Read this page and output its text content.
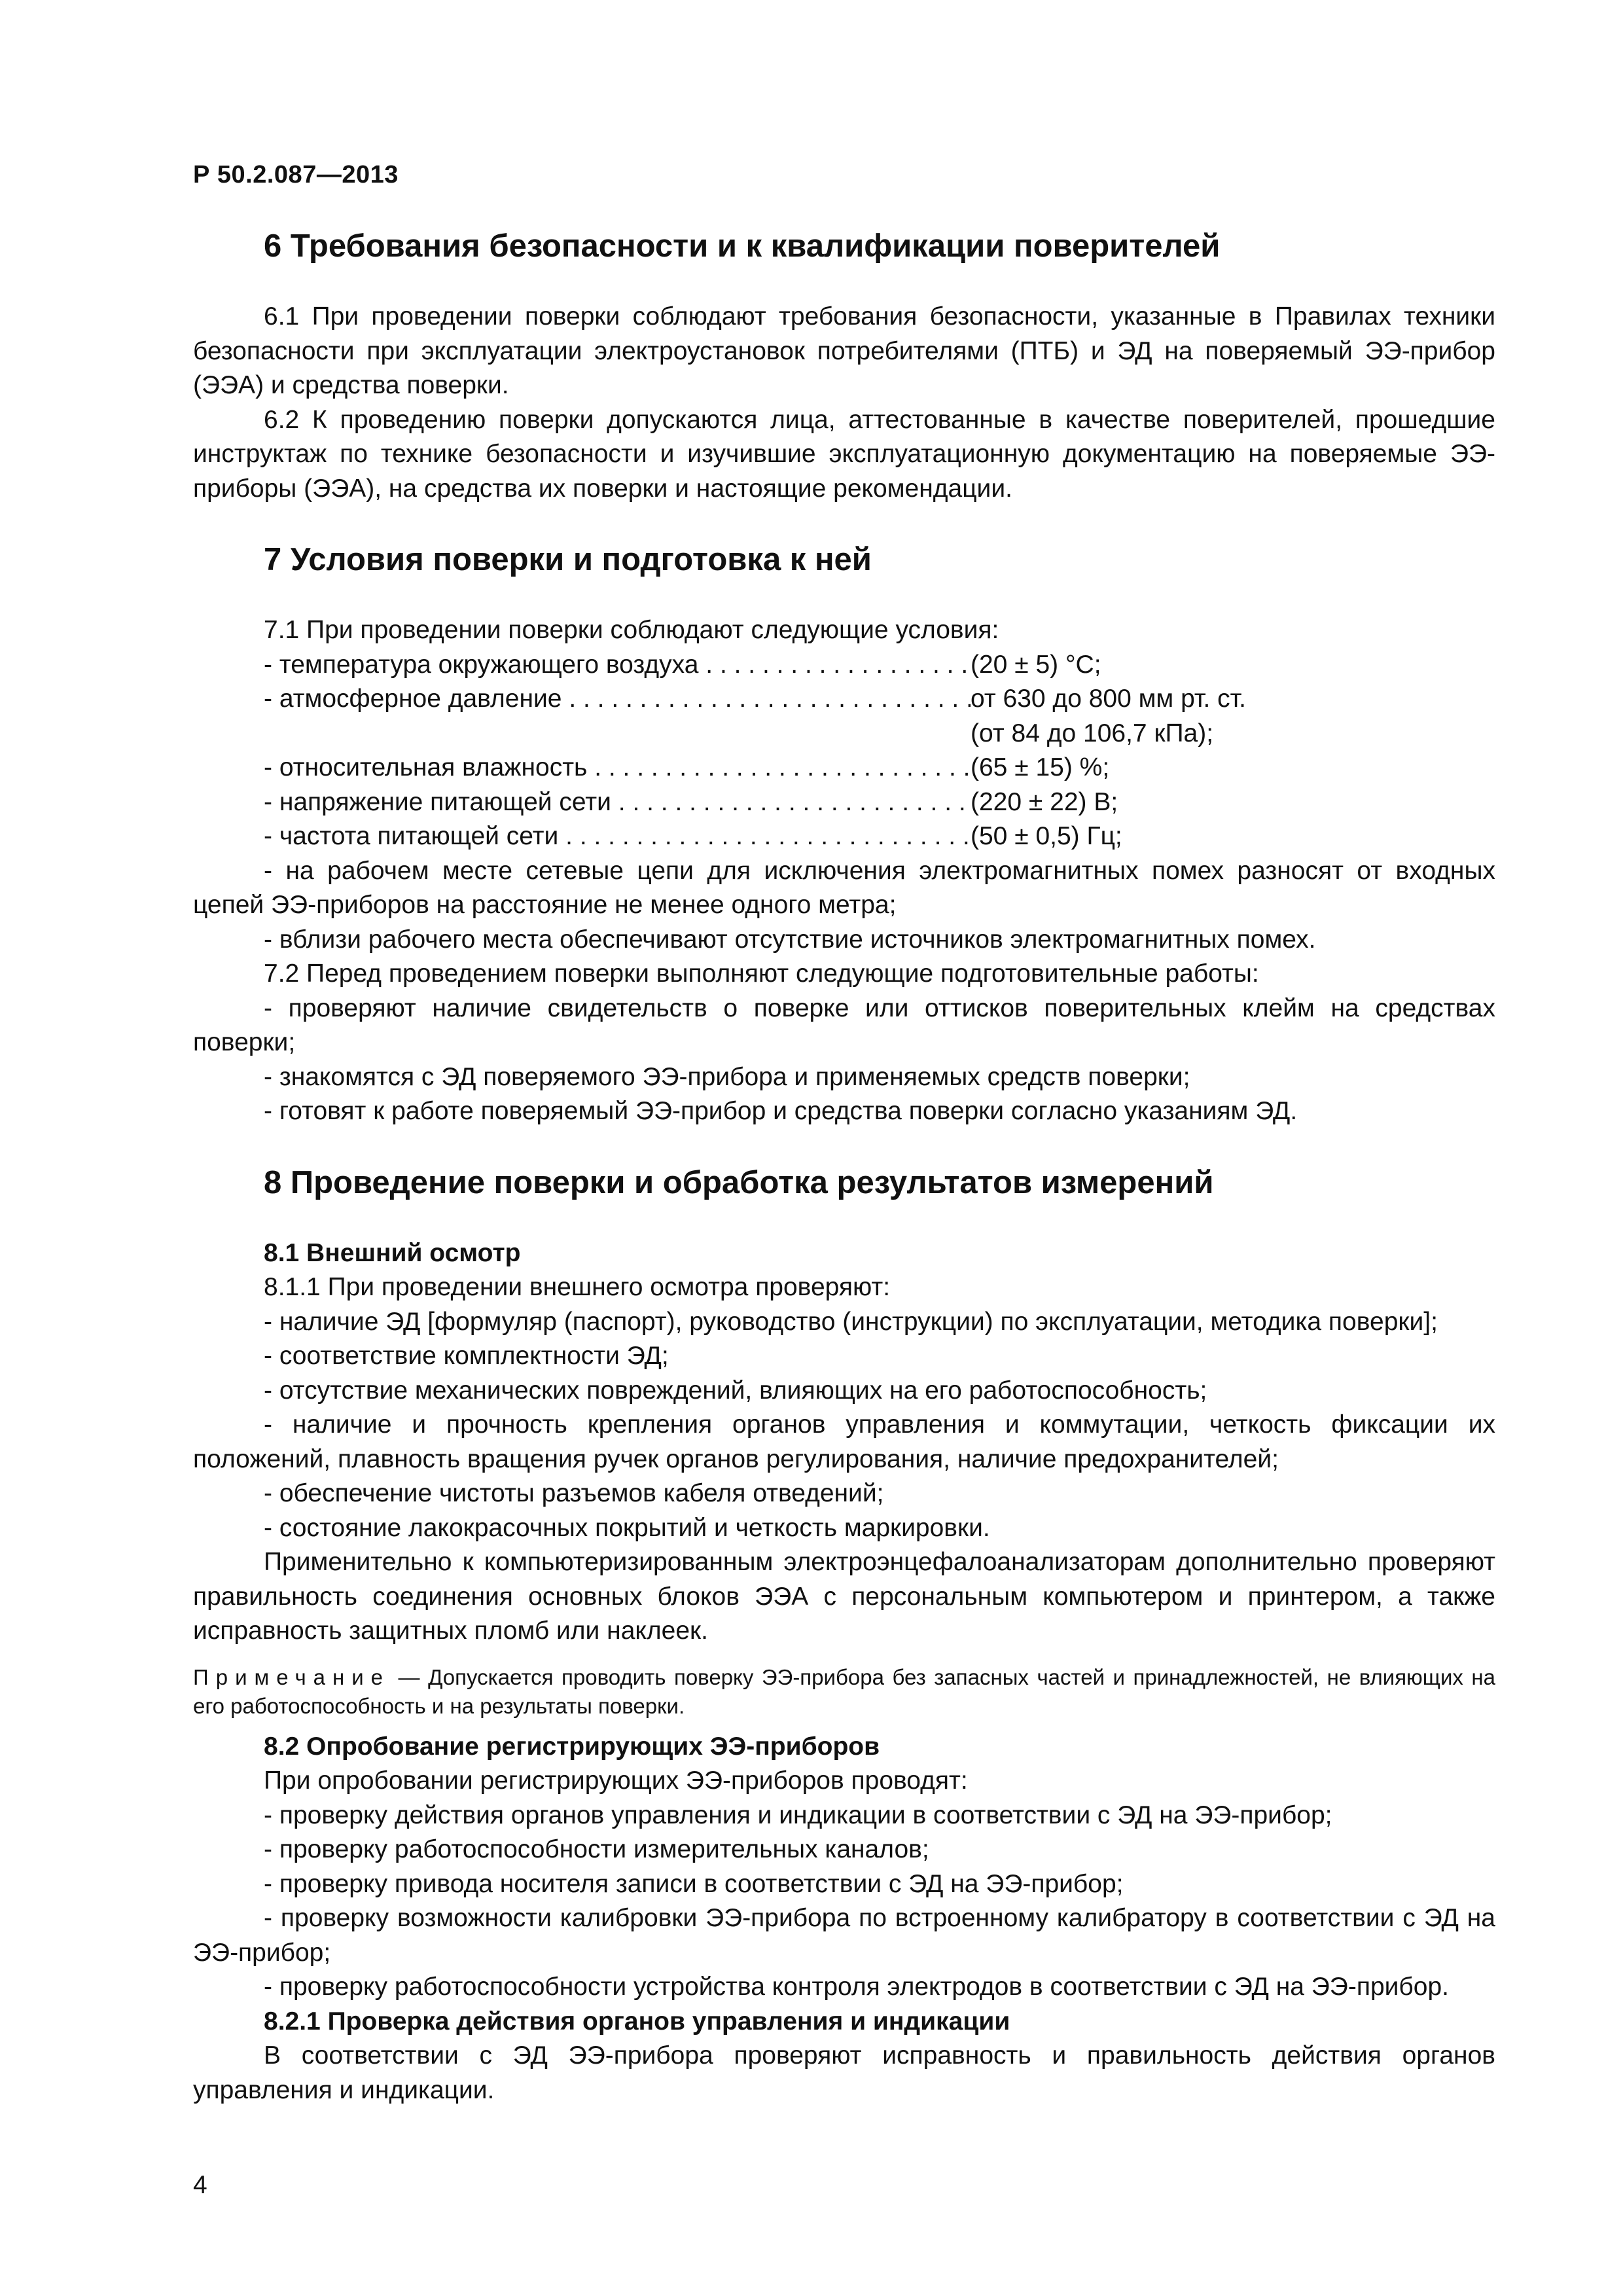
Р 50.2.087—2013
6 Требования безопасности и к квалификации поверителей
6.1 При проведении поверки соблюдают требования безопасности, указанные в Правилах техники безопасности при эксплуатации электроустановок потребителями (ПТБ) и ЭД на поверяемый ЭЭ-прибор (ЭЭА) и средства поверки.
6.2 К проведению поверки допускаются лица, аттестованные в качестве поверителей, прошедшие инструктаж по технике безопасности и изучившие эксплуатационную документацию на поверяемые ЭЭ-приборы (ЭЭА), на средства их поверки и настоящие рекомендации.
7 Условия поверки и подготовка к ней
7.1 При проведении поверки соблюдают следующие условия:
- температура окружающего воздуха . . .	(20 ± 5) °С;
- атмосферное давление . . .	от 630 до 800 мм рт. ст.
(от 84 до 106,7 кПа);
- относительная влажность . . .	(65 ± 15) %;
- напряжение питающей сети . . .	(220 ± 22) В;
- частота питающей сети . . .	(50 ± 0,5) Гц;
- на рабочем месте сетевые цепи для исключения электромагнитных помех разносят от входных цепей ЭЭ-приборов на расстояние не менее одного метра;
- вблизи рабочего места обеспечивают отсутствие источников электромагнитных помех.
7.2 Перед проведением поверки выполняют следующие подготовительные работы:
- проверяют наличие свидетельств о поверке или оттисков поверительных клейм на средствах поверки;
- знакомятся с ЭД поверяемого ЭЭ-прибора и применяемых средств поверки;
- готовят к работе поверяемый ЭЭ-прибор и средства поверки согласно указаниям ЭД.
8 Проведение поверки и обработка результатов измерений
8.1 Внешний осмотр
8.1.1 При проведении внешнего осмотра проверяют:
- наличие ЭД [формуляр (паспорт), руководство (инструкции) по эксплуатации, методика поверки];
- соответствие комплектности ЭД;
- отсутствие механических повреждений, влияющих на его работоспособность;
- наличие и прочность крепления органов управления и коммутации, четкость фиксации их положений, плавность вращения ручек органов регулирования, наличие предохранителей;
- обеспечение чистоты разъемов кабеля отведений;
- состояние лакокрасочных покрытий и четкость маркировки.
Применительно к компьютеризированным электроэнцефалоанализаторам дополнительно проверяют правильность соединения основных блоков ЭЭА с персональным компьютером и принтером, а также исправность защитных пломб или наклеек.
Примечание — Допускается проводить поверку ЭЭ-прибора без запасных частей и принадлежностей, не влияющих на его работоспособность и на результаты поверки.
8.2 Опробование регистрирующих ЭЭ-приборов
При опробовании регистрирующих ЭЭ-приборов проводят:
- проверку действия органов управления и индикации в соответствии с ЭД на ЭЭ-прибор;
- проверку работоспособности измерительных каналов;
- проверку привода носителя записи в соответствии с ЭД на ЭЭ-прибор;
- проверку возможности калибровки ЭЭ-прибора по встроенному калибратору в соответствии с ЭД на ЭЭ-прибор;
- проверку работоспособности устройства контроля электродов в соответствии с ЭД на ЭЭ-прибор.
8.2.1 Проверка действия органов управления и индикации
В соответствии с ЭД ЭЭ-прибора проверяют исправность и правильность действия органов управления и индикации.
4
